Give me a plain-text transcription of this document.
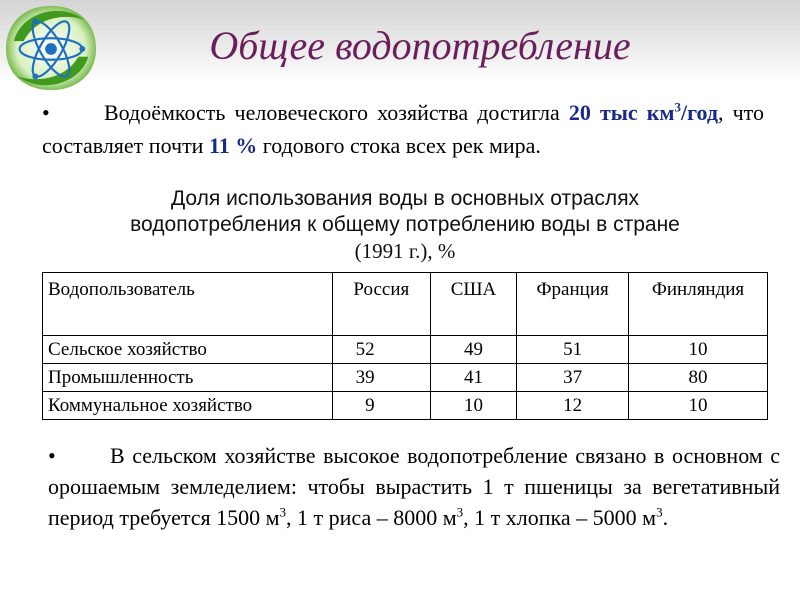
Общее водопотребление
• Водоёмкость человеческого хозяйства достигла 20 тыс $км^3$/год, что составляет почти 11 % годового стока всех рек мира.
Доля использования воды в основных отраслях
водопотребления к общему потреблению воды в стране
(1991 г.), %
Водопользователь	Россия	США	Франция	Финляндия
Сельское хозяйство	52	49	51	10
Промышленность	39	41	37	80
Коммунальное хозяйство	9	10	12	10
• В сельском хозяйстве высокое водопотребление связано в основном с орошаемым земледелием: чтобы вырастить 1 т пшеницы за вегетативный период требуется 1500 $м^3$, 1 т риса – 8000 $м^3$, 1 т хлопка – 5000 $м^3$.
